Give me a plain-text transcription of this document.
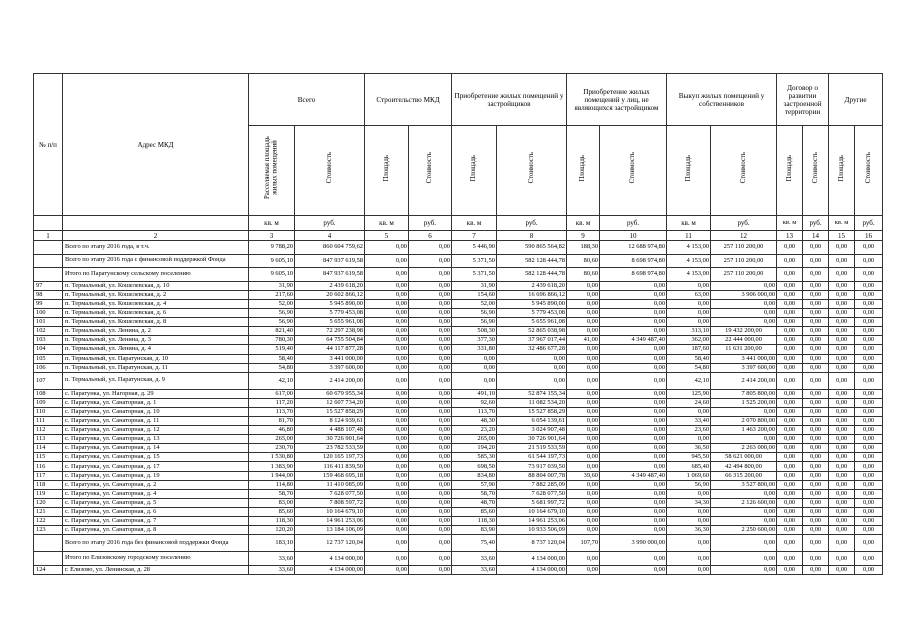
№ п/п	Адрес МКД	Всего		Строительство МКД		Приобретение жилых помещений у застройщиков		Приобретение жилых помещений у лиц, не являющихся застройщиком		Выкуп жилых помещений у собственников		Договор о развитии застроенной территории		Другие	
		Расселяемая площадь жилых помещений	Стоимость	Площадь	Стоимость	Площадь	Стоимость	Площадь	Стоимость	Площадь	Стоимость	Площадь	Стоимость	Площадь	Стоимость
		кв. м	руб.	кв. м	руб.	кв. м	руб.	кв. м	руб.	кв. м	руб.	кв. м	руб.	кв. м	руб.
1	2	3	4	5	6	7	8	9	10	11	12	13	14	15	16
	Всего по этапу 2016 года, в т.ч.	9 788,20	860 604 759,62	0,00	0,00	5 446,90	590 865 564,82	188,30	12 688 974,80	4 153,00	257 110 200,00	0,00	0,00	0,00	0,00
	Всего по этапу 2016 года с финансовой поддержкой Фонда	9 605,10	847 937 619,58	0,00	0,00	5 371,50	582 128 444,78	80,60	8 698 974,80	4 153,00	257 110 200,00	0,00	0,00	0,00	0,00
	Итого по Паратунскому сельскому поселению	9 605,10	847 937 619,58	0,00	0,00	5 371,50	582 128 444,78	80,60	8 698 974,80	4 153,00	257 110 200,00	0,00	0,00	0,00	0,00
97	п. Термальный, ул. Кошелевская, д. 10	31,90	2 439 618,20	0,00	0,00	31,90	2 439 618,20	0,00	0,00	0,00	0,00	0,00	0,00	0,00	0,00
98	п. Термальный, ул. Кошелевская, д. 2	217,60	20 602 866,12	0,00	0,00	154,60	16 696 866,12	0,00	0,00	63,00	3 906 000,00	0,00	0,00	0,00	0,00
99	п. Термальный, ул. Кошелевская, д. 4	52,00	5 945 890,00	0,00	0,00	52,00	5 945 890,00	0,00	0,00	0,00	0,00	0,00	0,00	0,00	0,00
100	п. Термальный, ул. Кошелевская, д. 6	56,90	5 779 453,08	0,00	0,00	56,90	5 779 453,08	0,00	0,00	0,00	0,00	0,00	0,00	0,00	0,00
101	п. Термальный, ул. Кошелевская, д. 8	56,90	5 655 961,08	0,00	0,00	56,90	5 655 961,08	0,00	0,00	0,00	0,00	0,00	0,00	0,00	0,00
102	п. Термальный, ул. Ленина, д. 2	821,40	72 297 238,98	0,00	0,00	508,30	52 865 038,98	0,00	0,00	313,10	19 432 200,00	0,00	0,00	0,00	0,00
103	п. Термальный, ул. Ленина, д. 3	780,30	64 755 504,84	0,00	0,00	377,30	37 967 017,44	41,00	4 349 487,40	362,00	22 444 000,00	0,00	0,00	0,00	0,00
104	п. Термальный, ул. Ленина, д. 4	519,40	44 117 877,28	0,00	0,00	331,80	32 486 677,28	0,00	0,00	187,60	11 631 200,00	0,00	0,00	0,00	0,00
105	п. Термальный, ул. Паратунская, д. 10	58,40	3 441 000,00	0,00	0,00	0,00	0,00	0,00	0,00	58,40	3 441 000,00	0,00	0,00	0,00	0,00
106	п. Термальный, ул. Паратунская, д. 11	54,80	3 397 600,00	0,00	0,00	0,00	0,00	0,00	0,00	54,80	3 397 600,00	0,00	0,00	0,00	0,00
107	п. Термальный, ул. Паратунская, д. 9	42,10	2 414 200,00	0,00	0,00	0,00	0,00	0,00	0,00	42,10	2 414 200,00	0,00	0,00	0,00	0,00
108	с. Паратунка, ул. Нагорная, д. 29	617,00	60 679 955,34	0,00	0,00	491,10	52 874 155,34	0,00	0,00	125,90	7 805 800,00	0,00	0,00	0,00	0,00
109	с. Паратунка, ул. Санаторная, д. 1	117,20	12 607 734,20	0,00	0,00	92,60	11 082 534,20	0,00	0,00	24,60	1 525 200,00	0,00	0,00	0,00	0,00
110	с. Паратунка, ул. Санаторная, д. 10	113,70	15 527 858,29	0,00	0,00	113,70	15 527 858,29	0,00	0,00	0,00	0,00	0,00	0,00	0,00	0,00
111	с. Паратунка, ул. Санаторная, д. 11	81,70	8 124 939,61	0,00	0,00	48,30	6 054 139,61	0,00	0,00	33,40	2 070 800,00	0,00	0,00	0,00	0,00
112	с. Паратунка, ул. Санаторная, д. 12	46,80	4 488 107,48	0,00	0,00	23,20	3 024 907,48	0,00	0,00	23,60	1 463 200,00	0,00	0,00	0,00	0,00
113	с. Паратунка, ул. Санаторная, д. 13	265,00	30 726 901,64	0,00	0,00	265,00	30 726 901,64	0,00	0,00	0,00	0,00	0,00	0,00	0,00	0,00
114	с. Паратунка, ул. Санаторная, д. 14	230,70	23 782 533,59	0,00	0,00	194,20	21 519 533,59	0,00	0,00	36,50	2 263 000,00	0,00	0,00	0,00	0,00
115	с. Паратунка, ул. Санаторная, д. 15	1 530,80	120 165 197,73	0,00	0,00	585,30	61 544 197,73	0,00	0,00	945,50	58 621 000,00	0,00	0,00	0,00	0,00
116	с. Паратунка, ул. Санаторная, д. 17	1 383,90	116 411 839,50	0,00	0,00	698,50	73 917 039,50	0,00	0,00	685,40	42 494 800,00	0,00	0,00	0,00	0,00
117	с. Паратунка, ул. Санаторная, д. 19	1 944,00	159 468 695,18	0,00	0,00	834,80	88 804 007,78	39,60	4 349 487,40	1 069,60	66 315 200,00	0,00	0,00	0,00	0,00
118	с. Паратунка, ул. Санаторная, д. 2	114,80	11 410 085,09	0,00	0,00	57,90	7 882 285,09	0,00	0,00	56,90	3 527 800,00	0,00	0,00	0,00	0,00
119	с. Паратунка, ул. Санаторная, д. 4	58,70	7 628 077,50	0,00	0,00	58,70	7 628 077,50	0,00	0,00	0,00	0,00	0,00	0,00	0,00	0,00
120	с. Паратунка, ул. Санаторная, д. 5	83,00	7 808 597,72	0,00	0,00	48,70	5 681 997,72	0,00	0,00	34,30	2 126 600,00	0,00	0,00	0,00	0,00
121	с. Паратунка, ул. Санаторная, д. 6	85,60	10 164 679,10	0,00	0,00	85,60	10 164 679,10	0,00	0,00	0,00	0,00	0,00	0,00	0,00	0,00
122	с. Паратунка, ул. Санаторная, д. 7	118,30	14 961 253,06	0,00	0,00	118,30	14 961 253,06	0,00	0,00	0,00	0,00	0,00	0,00	0,00	0,00
123	с. Паратунка, ул. Санаторная, д. 8	120,20	13 184 106,09	0,00	0,00	83,90	10 933 506,09	0,00	0,00	36,30	2 250 600,00	0,00	0,00	0,00	0,00
	Всего по этапу 2016 года без финансовой поддержки Фонда	183,10	12 737 120,04	0,00	0,00	75,40	8 737 120,04	107,70	3 990 000,00	0,00	0,00	0,00	0,00	0,00	0,00
	Итого по Елизовскому городскому поселению	33,60	4 134 000,00	0,00	0,00	33,60	4 134 000,00	0,00	0,00	0,00	0,00	0,00	0,00	0,00	0,00
124	г. Елизово, ул. Ленинская, д. 28	33,60	4 134 000,00	0,00	0,00	33,60	4 134 000,00	0,00	0,00	0,00	0,00	0,00	0,00	0,00	0,00
